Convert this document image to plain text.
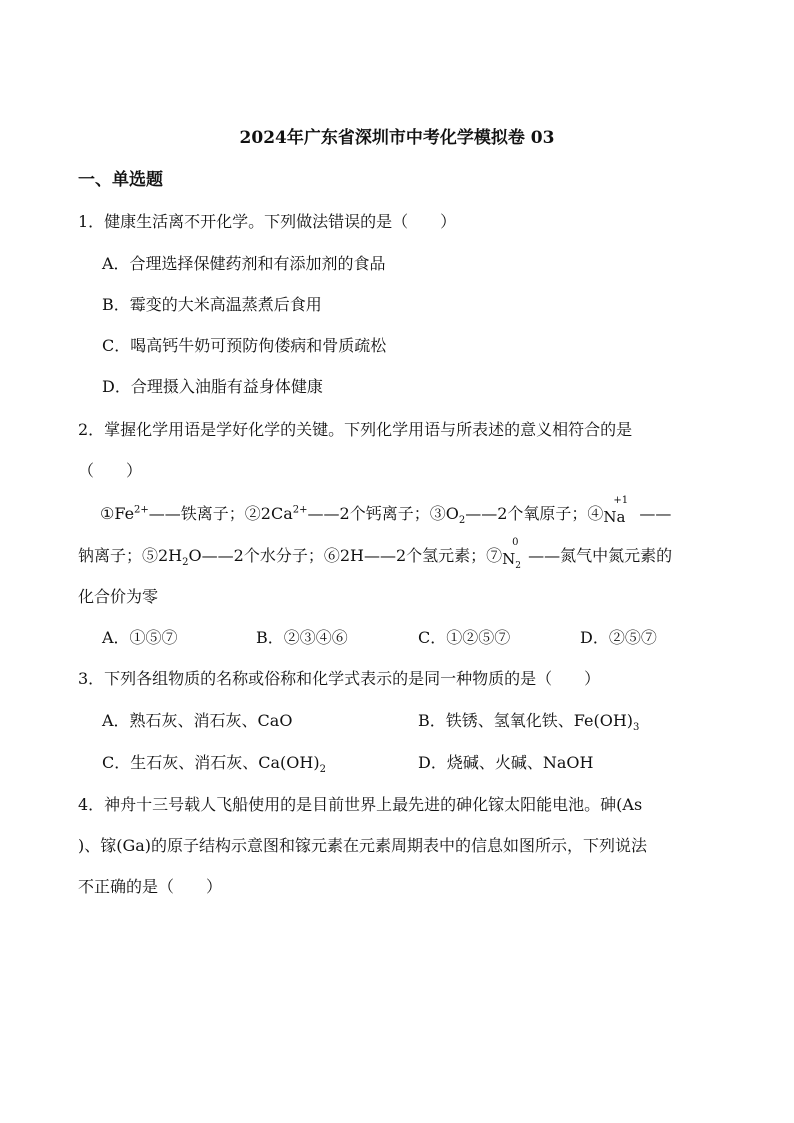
2024年广东省深圳市中考化学模拟卷 03
一、单选题
1．健康生活离不开化学。下列做法错误的是（　　）
A．合理选择保健药剂和有添加剂的食品
B．霉变的大米高温蒸煮后食用
C．喝高钙牛奶可预防佝偻病和骨质疏松
D．合理摄入油脂有益身体健康
2．掌握化学用语是学好化学的关键。下列化学用语与所表述的意义相符合的是
（　　）
$①Fe^{2+}——$铁离子；$②2Ca^{2+}——2$个钙离子；$③O_2——2$个氧原子；④
+1
Na ——
钠离子；$⑤2H_2O——2$个水分子；⑥2H——2个氢元素；⑦
0
$N_2$
——氮气中氮元素的
化合价为零
A．①⑤⑦	B．②③④⑥	C．①②⑤⑦	D．②⑤⑦
3．下列各组物质的名称或俗称和化学式表示的是同一种物质的是（　　）
A．熟石灰、消石灰、CaO	B．铁锈、氢氧化铁、$Fe(OH)_3$
C．生石灰、消石灰、$Ca(OH)_2$	D．烧碱、火碱、NaOH
4．神舟十三号载人飞船使用的是目前世界上最先进的砷化镓太阳能电池。砷(As
)、镓(Ga)的原子结构示意图和镓元素在元素周期表中的信息如图所示，下列说法
不正确的是（　　）
